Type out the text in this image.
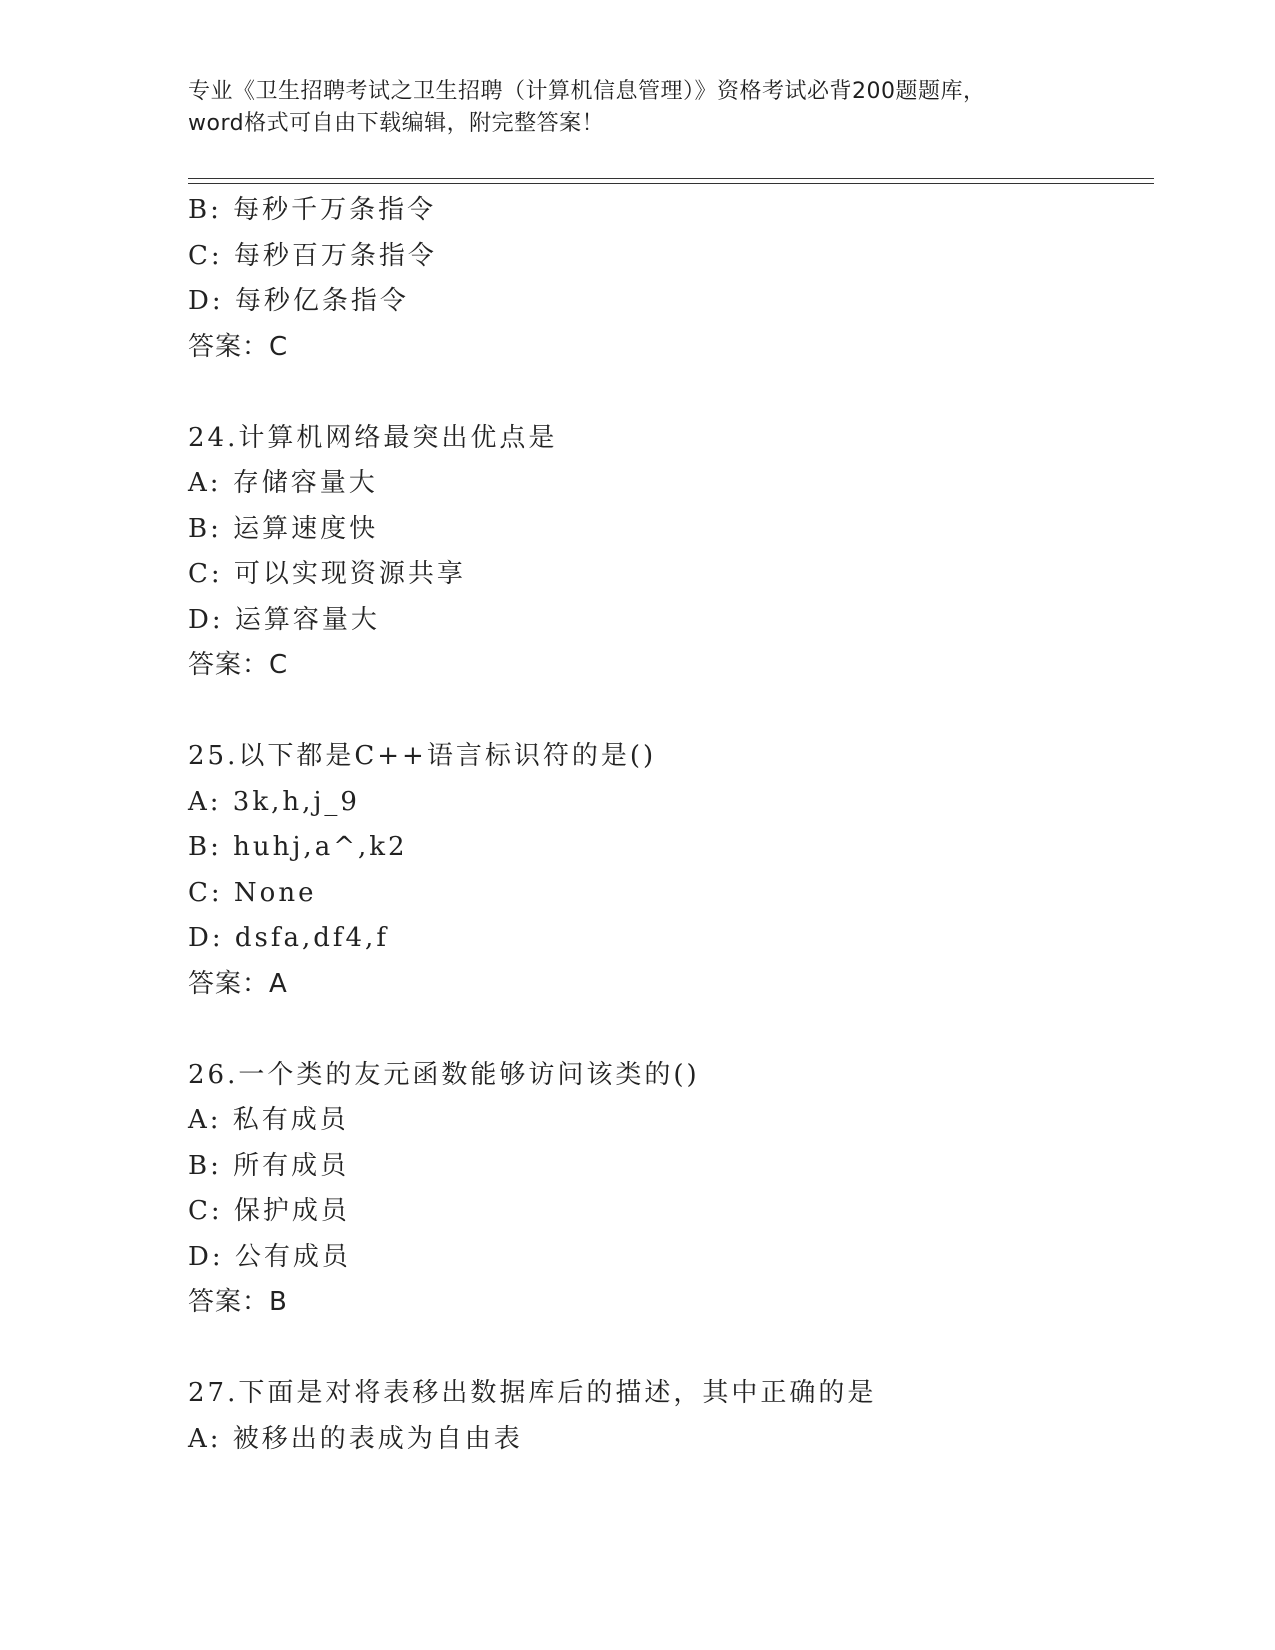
专业《卫生招聘考试之卫生招聘（计算机信息管理）》资格考试必背200题题库，
word格式可自由下载编辑，附完整答案！
B: 每秒千万条指令
C: 每秒百万条指令
D: 每秒亿条指令
答案：C
24.计算机网络最突出优点是
A: 存储容量大
B: 运算速度快
C: 可以实现资源共享
D: 运算容量大
答案：C
25.以下都是C++语言标识符的是()
A: 3k,h,j_9
B: huhj,a^,k2
C: None
D: dsfa,df4,f
答案：A
26.一个类的友元函数能够访问该类的()
A: 私有成员
B: 所有成员
C: 保护成员
D: 公有成员
答案：B
27.下面是对将表移出数据库后的描述，其中正确的是
A: 被移出的表成为自由表
